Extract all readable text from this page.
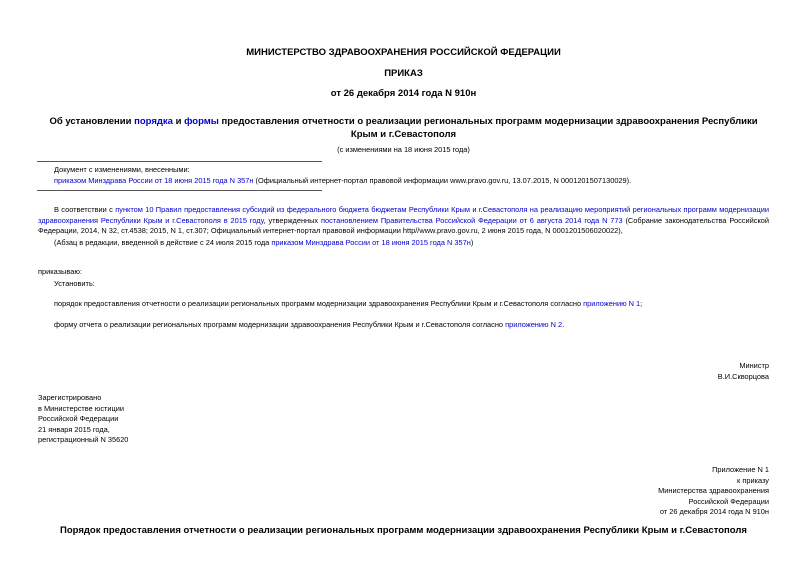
МИНИСТЕРСТВО ЗДРАВООХРАНЕНИЯ РОССИЙСКОЙ ФЕДЕРАЦИИ
ПРИКАЗ
от 26 декабря 2014 года N 910н
Об установлении порядка и формы предоставления отчетности о реализации региональных программ модернизации здравоохранения Республики Крым и г.Севастополя
(с изменениями на 18 июня 2015 года)
Документ с изменениями, внесенными:
приказом Минздрава России от 18 июня 2015 года N 357н (Официальный интернет-портал правовой информации www.pravo.gov.ru, 13.07.2015, N 0001201507130029).
В соответствии с пунктом 10 Правил предоставления субсидий из федерального бюджета бюджетам Республики Крым и г.Севастополя на реализацию мероприятий региональных программ модернизации здравоохранения Республики Крым и г.Севастополя в 2015 году, утвержденных постановлением Правительства Российской Федерации от 6 августа 2014 года N 773 (Собрание законодательства Российской Федерации, 2014, N 32, ст.4538; 2015, N 1, ст.307; Официальный интернет-портал правовой информации http//www.pravo.gov.ru, 2 июня 2015 года, N 0001201506020022),
(Абзац в редакции, введенной в действие с 24 июля 2015 года приказом Минздрава России от 18 июня 2015 года N 357н)
приказываю:
Установить:
порядок предоставления отчетности о реализации региональных программ модернизации здравоохранения Республики Крым и г.Севастополя согласно приложению N 1;
форму отчета о реализации региональных программ модернизации здравоохранения Республики Крым и г.Севастополя согласно приложению N 2.
Министр
В.И.Скворцова
Зарегистрировано
в Министерстве юстиции
Российской Федерации
21 января 2015 года,
регистрационный N 35620
Приложение N 1
к приказу
Министерства здравоохранения
Российской Федерации
от 26 декабря 2014 года N 910н
Порядок предоставления отчетности о реализации региональных программ модернизации здравоохранения Республики Крым и г.Севастополя
